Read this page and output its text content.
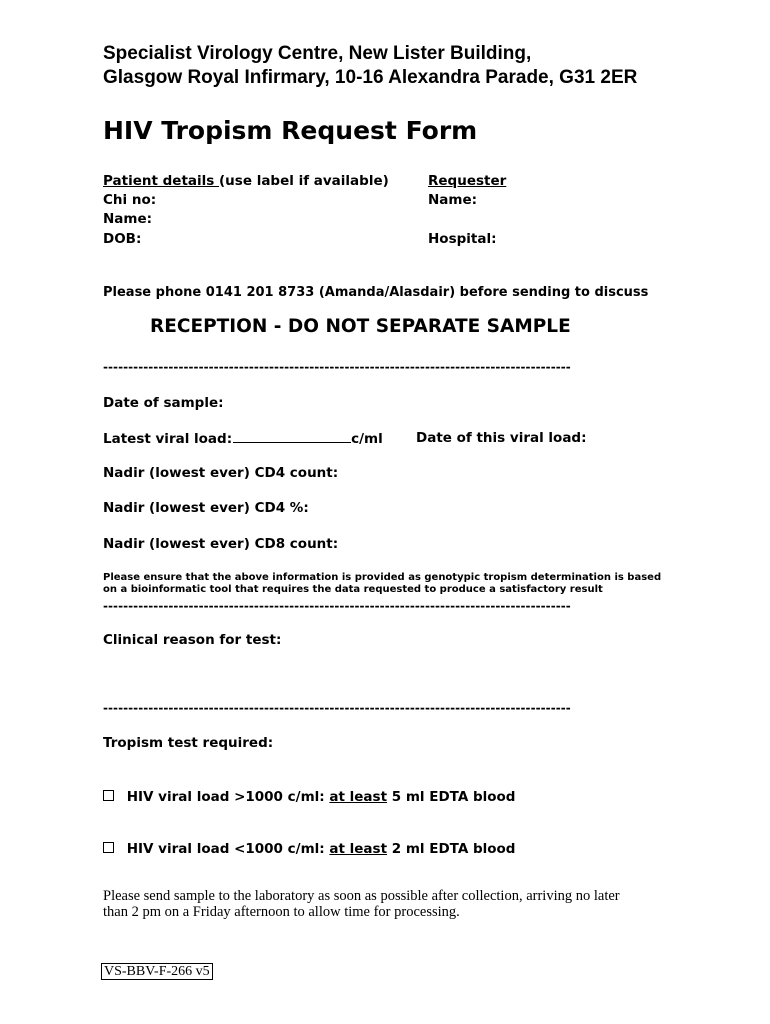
Specialist Virology Centre, New Lister Building,
Glasgow Royal Infirmary, 10-16 Alexandra Parade, G31 2ER
HIV Tropism Request Form
Patient details (use label if available)
Chi no:
Name:
DOB:
Requester
Name:
Hospital:
Please phone 0141 201 8733 (Amanda/Alasdair) before sending to discuss
RECEPTION - DO NOT SEPARATE SAMPLE
---------------------------------------------------------------------------------------------
Date of sample:
Latest viral load:	c/ml Date of this viral load:
Nadir (lowest ever) CD4 count:
Nadir (lowest ever) CD4 %:
Nadir (lowest ever) CD8 count:
Please ensure that the above information is provided as genotypic tropism determination is based
on a bioinformatic tool that requires the data requested to produce a satisfactory result
---------------------------------------------------------------------------------------------
Clinical reason for test:
---------------------------------------------------------------------------------------------
Tropism test required:
HIV viral load >1000 c/ml: at least 5 ml EDTA blood
HIV viral load <1000 c/ml: at least 2 ml EDTA blood
Please send sample to the laboratory as soon as possible after collection, arriving no later
than 2 pm on a Friday afternoon to allow time for processing.
VS-BBV-F-266 v5
